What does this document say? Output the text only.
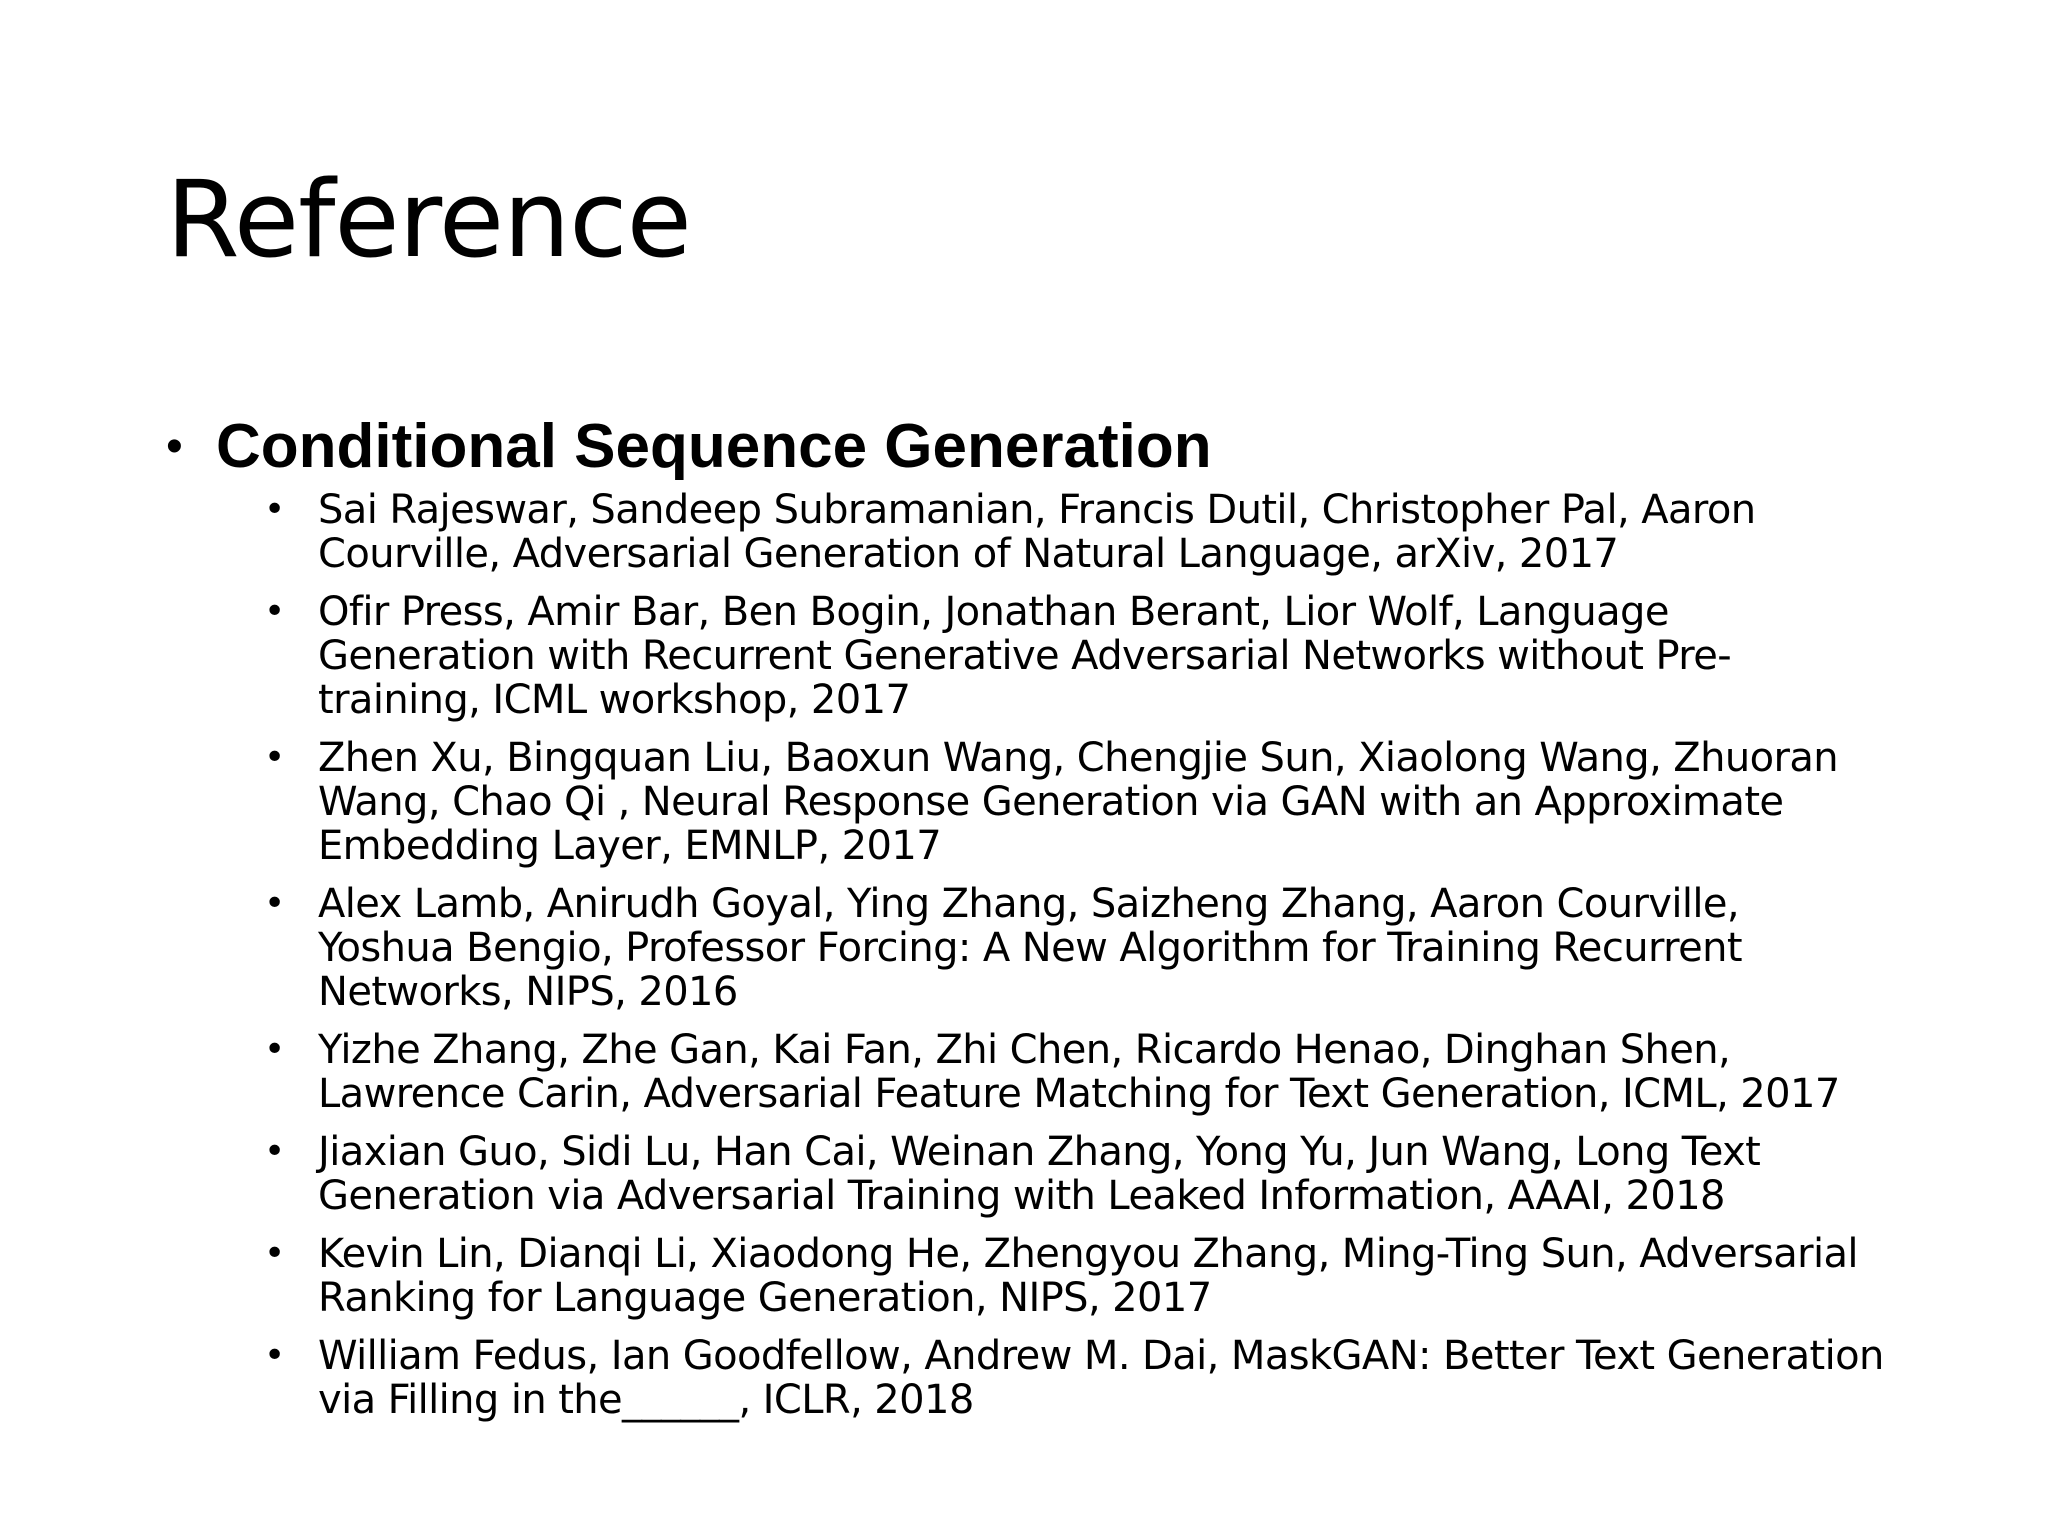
Reference
• Conditional Sequence Generation
• Sai Rajeswar, Sandeep Subramanian, Francis Dutil, Christopher Pal, Aaron Courville, Adversarial Generation of Natural Language, arXiv, 2017
• Ofir Press, Amir Bar, Ben Bogin, Jonathan Berant, Lior Wolf, Language Generation with Recurrent Generative Adversarial Networks without Pre-training, ICML workshop, 2017
• Zhen Xu, Bingquan Liu, Baoxun Wang, Chengjie Sun, Xiaolong Wang, Zhuoran Wang, Chao Qi , Neural Response Generation via GAN with an Approximate Embedding Layer, EMNLP, 2017
• Alex Lamb, Anirudh Goyal, Ying Zhang, Saizheng Zhang, Aaron Courville, Yoshua Bengio, Professor Forcing: A New Algorithm for Training Recurrent Networks, NIPS, 2016
• Yizhe Zhang, Zhe Gan, Kai Fan, Zhi Chen, Ricardo Henao, Dinghan Shen, Lawrence Carin, Adversarial Feature Matching for Text Generation, ICML, 2017
• Jiaxian Guo, Sidi Lu, Han Cai, Weinan Zhang, Yong Yu, Jun Wang, Long Text Generation via Adversarial Training with Leaked Information, AAAI, 2018
• Kevin Lin, Dianqi Li, Xiaodong He, Zhengyou Zhang, Ming-Ting Sun, Adversarial Ranking for Language Generation, NIPS, 2017
• William Fedus, Ian Goodfellow, Andrew M. Dai, MaskGAN: Better Text Generation via Filling in the______, ICLR, 2018
